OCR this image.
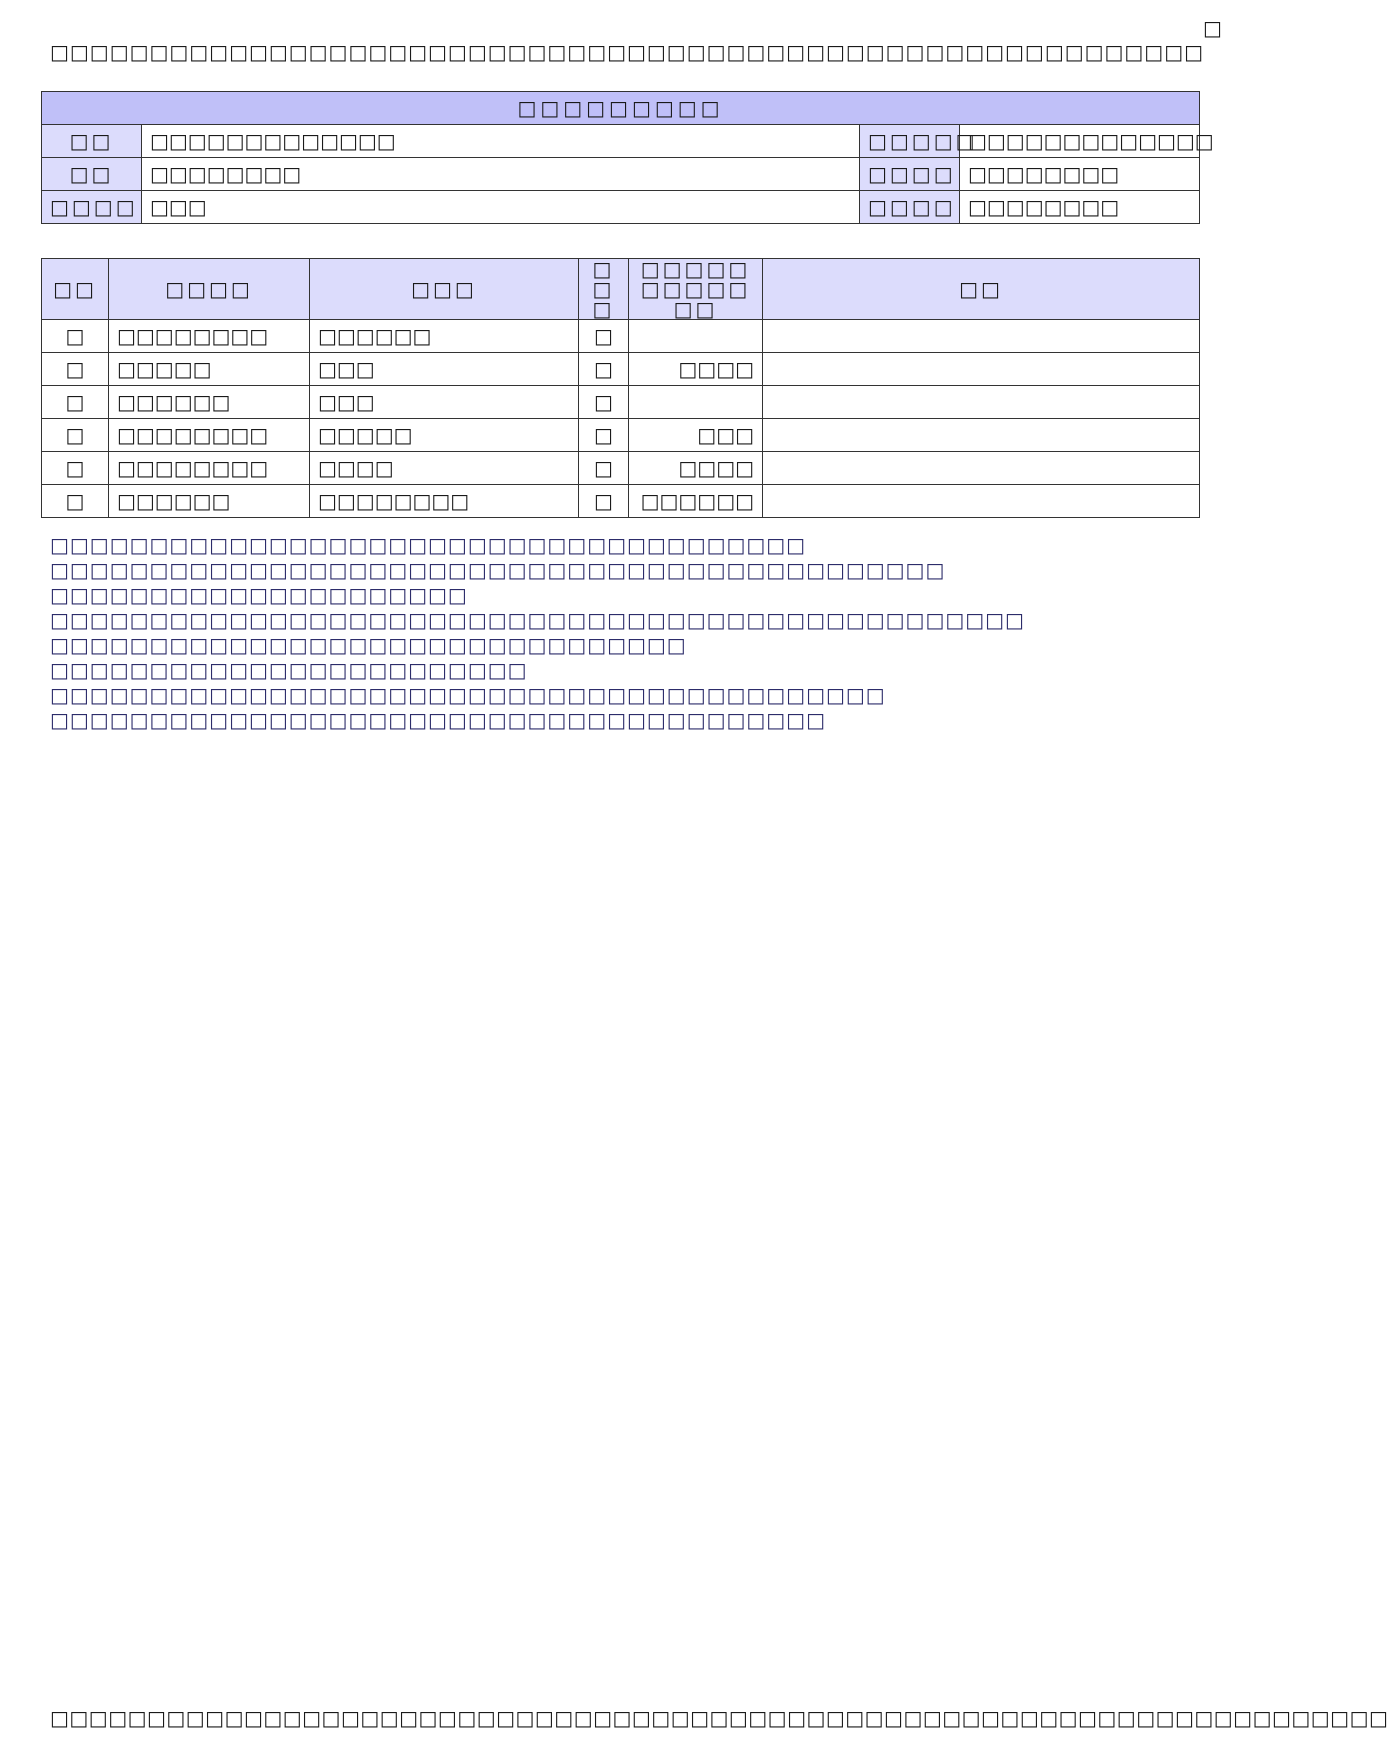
□
□□□□□□□□□□□□□□□□□□□□□□□□□□□□□□□□□□□□□□□□□□□□□□□□□□□□□□□□□□
□□□□□□□□□			
□□	□□□□□□□□□□□□□	□□□□□	□□□□□□□□□□□□□
□□	□□□□□□□□	□□□□	□□□□□□□□
□□□□	□□□	□□□□	□□□□□□□□
□□	□□□□	□□□	□□□	□□□□□□□□□□□□	□□
□	□□□□□□□□	□□□□□□	□		
□	□□□□□	□□□	□	□□□□	
□	□□□□□□	□□□	□		
□	□□□□□□□□	□□□□□	□	□□□	
□	□□□□□□□□	□□□□	□	□□□□	
□	□□□□□□	□□□□□□□□	□	□□□□□□	
□□□□□□□□□□□□□□□□□□□□□□□□□□□□□□□□□□□□□□
□□□□□□□□□□□□□□□□□□□□□□□□□□□□□□□□□□□□□□□□□□□□□
□□□□□□□□□□□□□□□□□□□□□
□□□□□□□□□□□□□□□□□□□□□□□□□□□□□□□□□□□□□□□□□□□□□□□□□
□□□□□□□□□□□□□□□□□□□□□□□□□□□□□□□□
□□□□□□□□□□□□□□□□□□□□□□□□
□□□□□□□□□□□□□□□□□□□□□□□□□□□□□□□□□□□□□□□□□□
□□□□□□□□□□□□□□□□□□□□□□□□□□□□□□□□□□□□□□□
□□□□□□□□□□□□□□□□□□□□□□□□□□□□□□□□□□□□□□□□□□□□□□□□□□□□□□□□□□□□□□□□□□□□□
